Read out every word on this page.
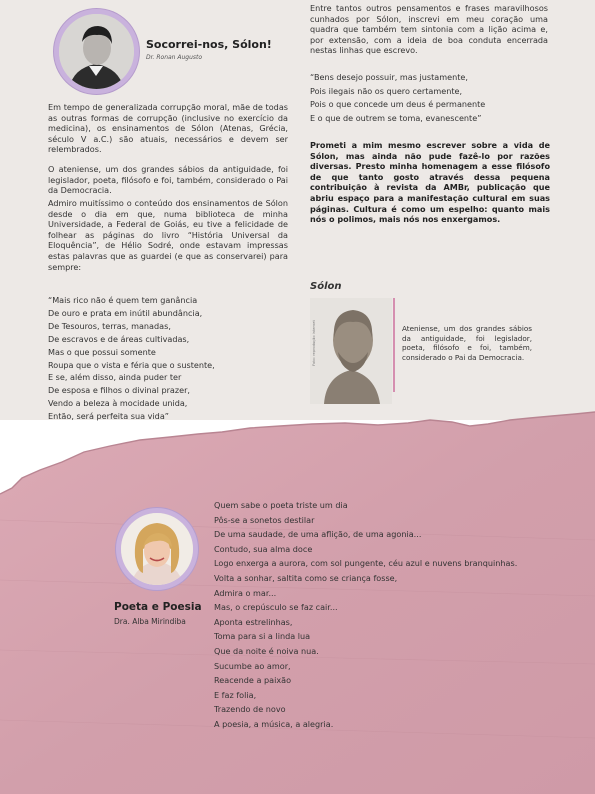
Socorrei-nos, Sólon!
Dr. Ronan Augusto
Em tempo de generalizada corrupção moral, mãe de todas as outras formas de corrupção (inclusive no exercício da medicina), os ensinamentos de Sólon (Atenas, Grécia, século V a.C.) são atuais, necessários e devem ser relembrados.
O ateniense, um dos grandes sábios da antiguidade, foi legislador, poeta, filósofo e foi, também, considerado o Pai da Democracia.
Admiro muitíssimo o conteúdo dos ensinamentos de Sólon desde o dia em que, numa biblioteca de minha Universidade, a Federal de Goiás, eu tive a felicidade de folhear as páginas do livro “História Universal da Eloquência”, de Hélio Sodré, onde estavam impressas estas palavras que as guardei (e que as conservarei) para sempre:

“Mais rico não é quem tem ganância

De ouro e prata em inútil abundância,

De Tesouros, terras, manadas,

De escravos e de áreas cultivadas,

Mas o que possui somente

Roupa que o vista e féria que o sustente,

E se, além disso, ainda puder ter

De esposa e filhos o divinal prazer,

Vendo a beleza à mocidade unida,

Então, será perfeita sua vida”

Entre tantos outros pensamentos e frases maravilhosos cunhados por Sólon, inscrevi em meu coração uma quadra que também tem sintonia com a lição acima e, por extensão, com a ideia de boa conduta encerrada nestas linhas que escrevo.

“Bens desejo possuir, mas justamente,

Pois ilegais não os quero certamente,

Pois o que concede um deus é permanente

E o que de outrem se toma, evanescente”

Prometi a mim mesmo escrever sobre a vida de Sólon, mas ainda não pude fazê-lo por razões diversas. Presto minha homenagem a esse filósofo de que tanto gosto através dessa pequena contribuição à revista da AMBr, publicação que abriu espaço para a manifestação cultural em suas páginas. Cultura é como um espelho: quanto mais nós o polimos, mais nós nos enxergamos.
Sólon
Foto: reprodução internet	Ateniense, um dos grandes sábios da antiguidade, foi legislador, poeta, filósofo e foi, também, considerado o Pai da Democracia.
Poeta e Poesia
Dra. Alba Mirindiba

Quem sabe o poeta triste um dia

Pôs-se a sonetos destilar

De uma saudade, de uma aflição, de uma agonia...

Contudo, sua alma doce

Logo enxerga a aurora, com sol pungente, céu azul e nuvens branquinhas.

Volta a sonhar, saltita como se criança fosse,

Admira o mar...

Mas, o crepúsculo se faz cair...

Aponta estrelinhas,

Toma para si a linda lua

Que da noite é noiva nua.

Sucumbe ao amor,

Reacende a paixão

E faz folia,

Trazendo de novo

A poesia, a música, a alegria.
